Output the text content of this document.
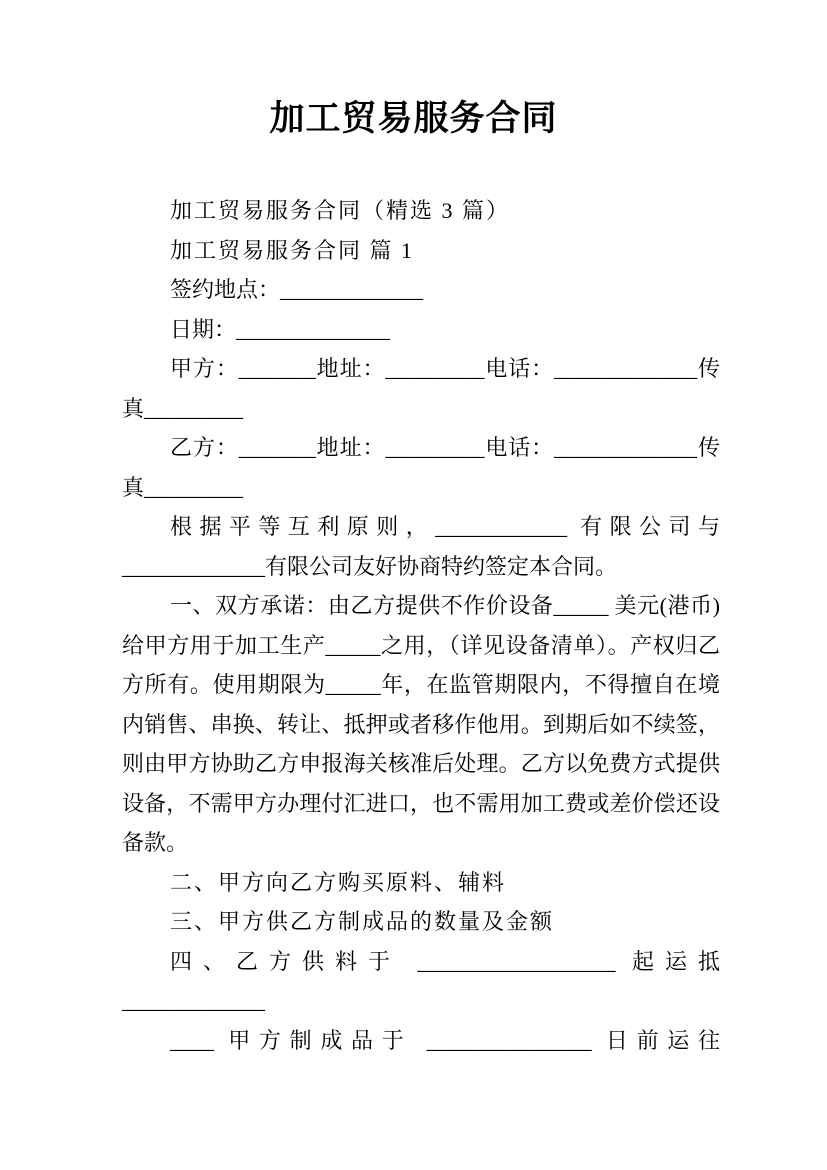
加工贸易服务合同

加工贸易服务合同（精选 3 篇）

加工贸易服务合同 篇 1

签约地点：_____________

日期：______________

甲方：_______地址：_________电话：_____________传真_________

乙方：_______地址：_________电话：_____________传真_________

根据平等互利原则，____________ 有限公司与_____________有限公司友好协商特约签定本合同。

一、双方承诺：由乙方提供不作价设备_____ 美元(港币)给甲方用于加工生产_____之用，（详见设备清单）。产权归乙方所有。使用期限为_____年，在监管期限内，不得擅自在境内销售、串换、转让、抵押或者移作他用。到期后如不续签，则由甲方协助乙方申报海关核准后处理。乙方以免费方式提供设备，不需甲方办理付汇进口，也不需用加工费或差价偿还设备款。

二、甲方向乙方购买原料、辅料

三、甲方供乙方制成品的数量及金额

四、乙方供料于 __________________ 起运抵_____________

____ 甲方制成品于 _______________ 日前运往
